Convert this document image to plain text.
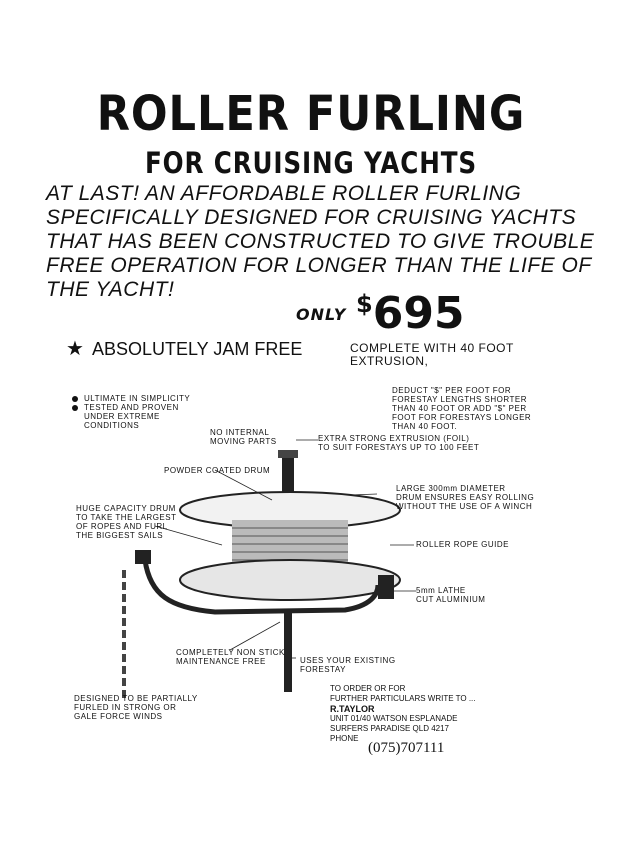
ROLLER FURLING
FOR CRUISING YACHTS
AT LAST! AN AFFORDABLE ROLLER FURLING SPECIFICALLY DESIGNED FOR CRUISING YACHTS THAT HAS BEEN CONSTRUCTED TO GIVE TROUBLE FREE OPERATION FOR LONGER THAN THE LIFE OF THE YACHT!
ONLY $695
★ ABSOLUTELY JAM FREE	COMPLETE WITH 40 FOOT EXTRUSION,
ULTIMATE IN SIMPLICITY
TESTED AND PROVEN
UNDER EXTREME
CONDITIONS
DEDUCT "$" PER FOOT FOR FORESTAY LENGTHS SHORTER THAN 40 FOOT OR ADD "$" PER FOOT FOR FORESTAYS LONGER THAN 40 FOOT.
NO INTERNAL
MOVING PARTS	EXTRA STRONG EXTRUSION (FOIL)
TO SUIT FORESTAYS UP TO 100 FEET
POWDER COATED DRUM
LARGE 300mm DIAMETER
DRUM ENSURES EASY ROLLING
WITHOUT THE USE OF A WINCH
HUGE CAPACITY DRUM
TO TAKE THE LARGEST
OF ROPES AND FURL
THE BIGGEST SAILS
ROLLER ROPE GUIDE
5mm LATHE
CUT ALUMINIUM
COMPLETELY NON STICK
MAINTENANCE FREE	USES YOUR EXISTING
FORESTAY
DESIGNED TO BE PARTIALLY
FURLED IN STRONG OR
GALE FORCE WINDS
TO ORDER OR FOR
FURTHER PARTICULARS WRITE TO ...
R.TAYLOR
UNIT 01/40 WATSON ESPLANADE
SURFERS PARADISE QLD 4217
PHONE
(075)707111
